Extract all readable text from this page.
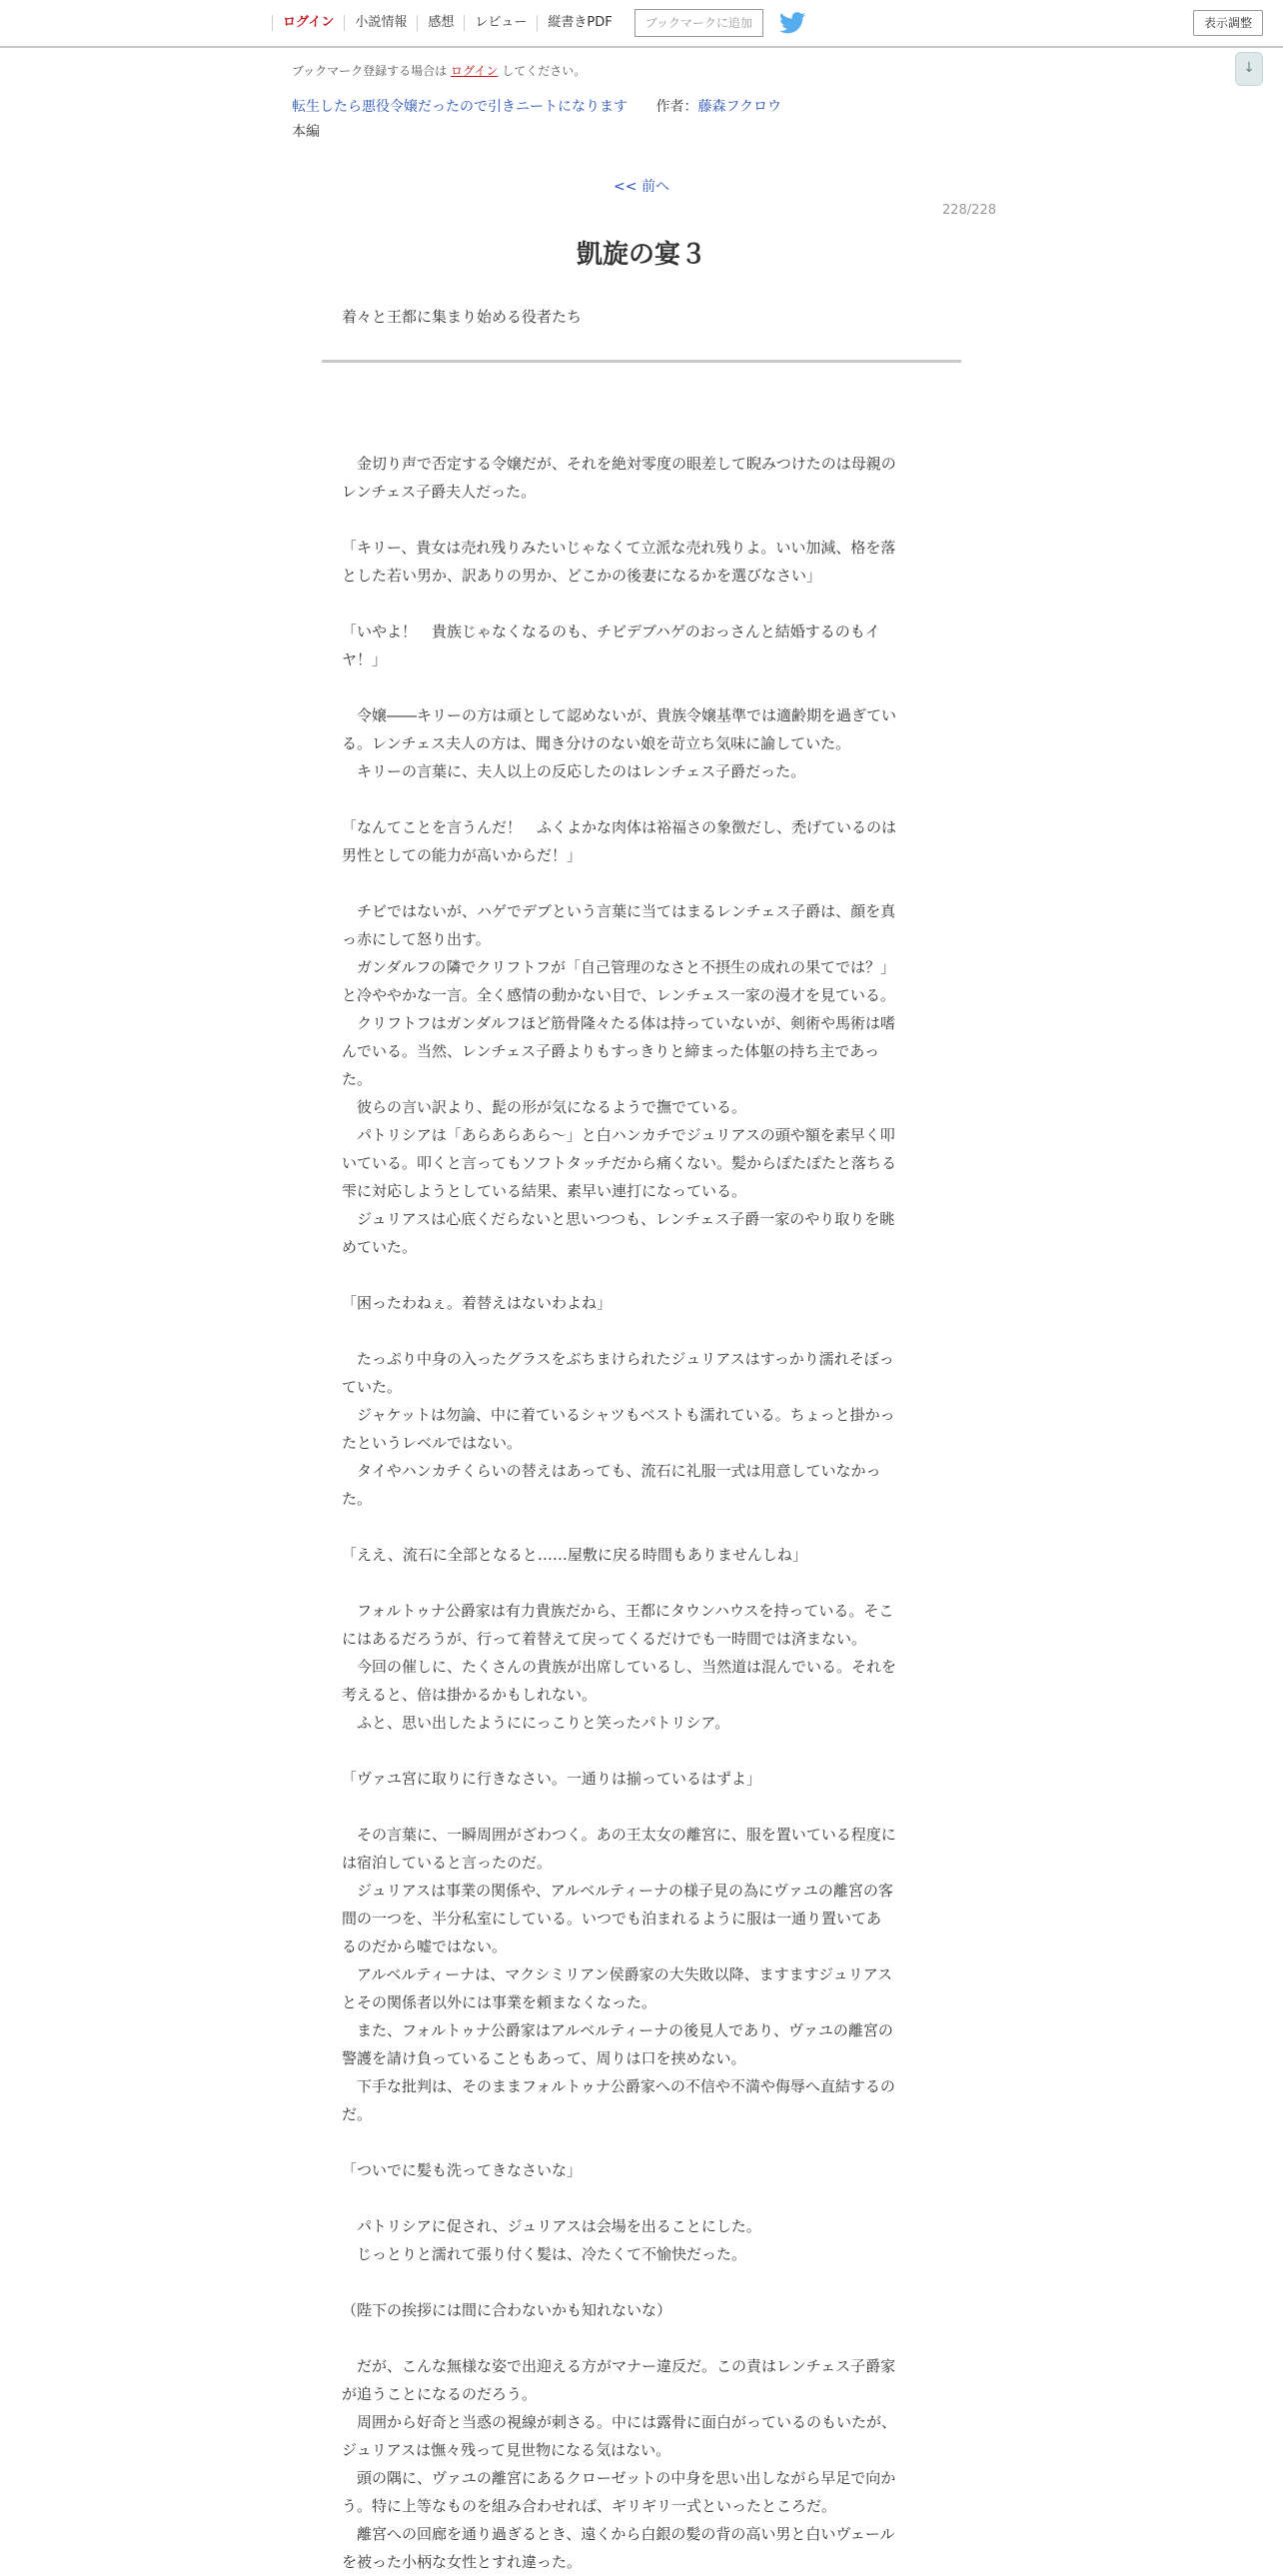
ログイン	小説情報	感想	レビュー	縦書きPDF	ブックマークに追加	表示調整
↓
ブックマーク登録する場合は ログイン してください。
転生したら悪役令嬢だったので引きニートになります 作者：藤森フクロウ
本編
<< 前へ
228/228
凱旋の宴３
着々と王都に集まり始める役者たち

　金切り声で否定する令嬢だが、それを絶対零度の眼差して睨みつけたのは母親の

レンチェス子爵夫人だった。

「キリー、貴女は売れ残りみたいじゃなくて立派な売れ残りよ。いい加減、格を落

とした若い男か、訳ありの男か、どこかの後妻になるかを選びなさい」

「いやよ！　貴族じゃなくなるのも、チビデブハゲのおっさんと結婚するのもイ

ヤ！」

　令嬢――キリーの方は頑として認めないが、貴族令嬢基準では適齢期を過ぎてい

る。レンチェス夫人の方は、聞き分けのない娘を苛立ち気味に諭していた。

　キリーの言葉に、夫人以上の反応したのはレンチェス子爵だった。

「なんてことを言うんだ！　ふくよかな肉体は裕福さの象徴だし、禿げているのは

男性としての能力が高いからだ！」

　チビではないが、ハゲでデブという言葉に当てはまるレンチェス子爵は、顔を真

っ赤にして怒り出す。

　ガンダルフの隣でクリフトフが「自己管理のなさと不摂生の成れの果てでは？」

と冷ややかな一言。全く感情の動かない目で、レンチェス一家の漫才を見ている。

　クリフトフはガンダルフほど筋骨隆々たる体は持っていないが、剣術や馬術は嗜

んでいる。当然、レンチェス子爵よりもすっきりと締まった体躯の持ち主であっ

た。

　彼らの言い訳より、髭の形が気になるようで撫でている。

　パトリシアは「あらあらあら～」と白ハンカチでジュリアスの頭や額を素早く叩

いている。叩くと言ってもソフトタッチだから痛くない。髪からぽたぽたと落ちる

雫に対応しようとしている結果、素早い連打になっている。

　ジュリアスは心底くだらないと思いつつも、レンチェス子爵一家のやり取りを眺

めていた。

「困ったわねぇ。着替えはないわよね」

　たっぷり中身の入ったグラスをぶちまけられたジュリアスはすっかり濡れそぼっ

ていた。

　ジャケットは勿論、中に着ているシャツもベストも濡れている。ちょっと掛かっ

たというレベルではない。

　タイやハンカチくらいの替えはあっても、流石に礼服一式は用意していなかっ

た。

「ええ、流石に全部となると……屋敷に戻る時間もありませんしね」

　フォルトゥナ公爵家は有力貴族だから、王都にタウンハウスを持っている。そこ

にはあるだろうが、行って着替えて戻ってくるだけでも一時間では済まない。

　今回の催しに、たくさんの貴族が出席しているし、当然道は混んでいる。それを

考えると、倍は掛かるかもしれない。

　ふと、思い出したようににっこりと笑ったパトリシア。

「ヴァユ宮に取りに行きなさい。一通りは揃っているはずよ」

　その言葉に、一瞬周囲がざわつく。あの王太女の離宮に、服を置いている程度に

は宿泊していると言ったのだ。

　ジュリアスは事業の関係や、アルベルティーナの様子見の為にヴァユの離宮の客

間の一つを、半分私室にしている。いつでも泊まれるように服は一通り置いてあ

るのだから嘘ではない。

　アルベルティーナは、マクシミリアン侯爵家の大失敗以降、ますますジュリアス

とその関係者以外には事業を頼まなくなった。

　また、フォルトゥナ公爵家はアルベルティーナの後見人であり、ヴァユの離宮の

警護を請け負っていることもあって、周りは口を挟めない。

　下手な批判は、そのままフォルトゥナ公爵家への不信や不満や侮辱へ直結するの

だ。

「ついでに髪も洗ってきなさいな」

　パトリシアに促され、ジュリアスは会場を出ることにした。

　じっとりと濡れて張り付く髪は、冷たくて不愉快だった。

（陛下の挨拶には間に合わないかも知れないな）

　だが、こんな無様な姿で出迎える方がマナー違反だ。この責はレンチェス子爵家

が追うことになるのだろう。

　周囲から好奇と当惑の視線が刺さる。中には露骨に面白がっているのもいたが、

ジュリアスは憮々残って見世物になる気はない。

　頭の隅に、ヴァユの離宮にあるクローゼットの中身を思い出しながら早足で向か

う。特に上等なものを組み合わせれば、ギリギリ一式といったところだ。

　離宮への回廊を通り過ぎるとき、遠くから白銀の髪の背の高い男と白いヴェール

を被った小柄な女性とすれ違った。
